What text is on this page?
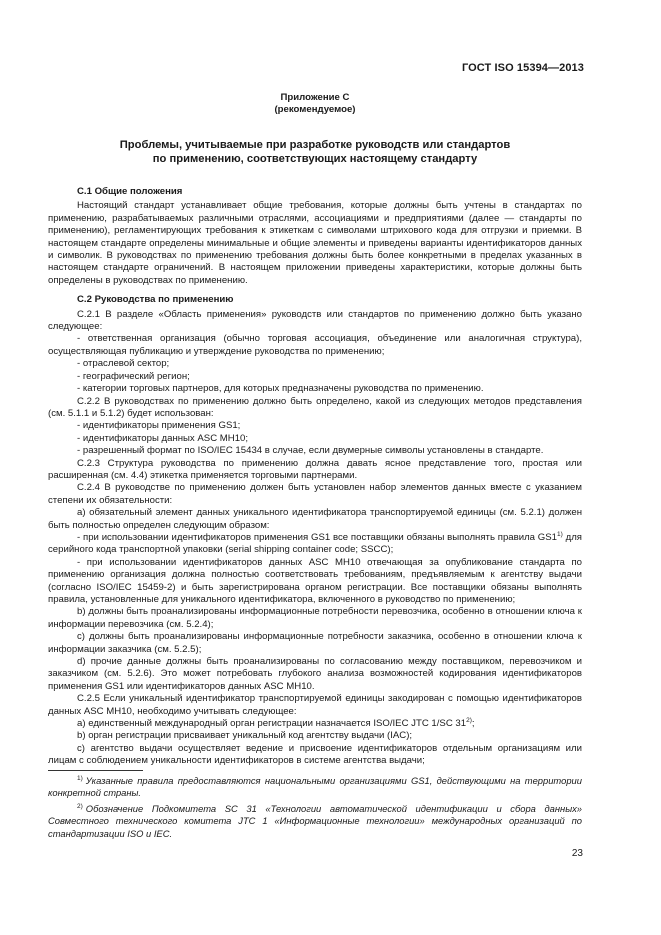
ГОСТ ISO 15394—2013
Приложение С
(рекомендуемое)
Проблемы, учитываемые при разработке руководств или стандартов
по применению, соответствующих настоящему стандарту
С.1 Общие положения

Настоящий стандарт устанавливает общие требования, которые должны быть учтены в стандартах по применению, разрабатываемых различными отраслями, ассоциациями и предприятиями (далее — стандарты по применению), регламентирующих требования к этикеткам с символами штрихового кода для отгрузки и приемки. В настоящем стандарте определены минимальные и общие элементы и приведены варианты идентификаторов данных и символик. В руководствах по применению требования должны быть более конкретными в пределах указанных в настоящем стандарте ограничений. В настоящем приложении приведены характеристики, которые должны быть определены в руководствах по применению.

С.2 Руководства по применению

С.2.1 В разделе «Область применения» руководств или стандартов по применению должно быть указано следующее:

- ответственная организация (обычно торговая ассоциация, объединение или аналогичная структура), осуществляющая публикацию и утверждение руководства по применению;

- отраслевой сектор;

- географический регион;

- категории торговых партнеров, для которых предназначены руководства по применению.

С.2.2 В руководствах по применению должно быть определено, какой из следующих методов представления (см. 5.1.1 и 5.1.2) будет использован:

- идентификаторы применения GS1;

- идентификаторы данных ASC МН10;

- разрешенный формат по ISO/IEC 15434 в случае, если двумерные символы установлены в стандарте.

С.2.3 Структура руководства по применению должна давать ясное представление того, простая или расширенная (см. 4.4) этикетка применяется торговыми партнерами.

С.2.4 В руководстве по применению должен быть установлен набор элементов данных вместе с указанием степени их обязательности:

а) обязательный элемент данных уникального идентификатора транспортируемой единицы (см. 5.2.1) должен быть полностью определен следующим образом:

- при использовании идентификаторов применения GS1 все поставщики обязаны выполнять правила GS1$^{1)}$ для серийного кода транспортной упаковки (serial shipping container code; SSCC);

- при использовании идентификаторов данных ASC МН10 отвечающая за опубликование стандарта по применению организация должна полностью соответствовать требованиям, предъявляемым к агентству выдачи (согласно ISO/IEC 15459-2) и быть зарегистрирована органом регистрации. Все поставщики обязаны выполнять правила, установленные для уникального идентификатора, включенного в руководство по применению;

b) должны быть проанализированы информационные потребности перевозчика, особенно в отношении ключа к информации перевозчика (см. 5.2.4);

c) должны быть проанализированы информационные потребности заказчика, особенно в отношении ключа к информации заказчика (см. 5.2.5);

d) прочие данные должны быть проанализированы по согласованию между поставщиком, перевозчиком и заказчиком (см. 5.2.6). Это может потребовать глубокого анализа возможностей кодирования идентификаторов применения GS1 или идентификаторов данных ASC МН10.

С.2.5 Если уникальный идентификатор транспортируемой единицы закодирован с помощью идентификаторов данных ASC МН10, необходимо учитывать следующее:

а) единственный международный орган регистрации назначается ISO/IEC JTC 1/SC 31$^{2)}$;

b) орган регистрации присваивает уникальный код агентству выдачи (IAC);

c) агентство выдачи осуществляет ведение и присвоение идентификаторов отдельным организациям или лицам с соблюдением уникальности идентификаторов в системе агентства выдачи;

$^{1)}$ Указанные правила предоставляются национальными организациями GS1, действующими на территории конкретной страны.
$^{2)}$ Обозначение Подкомитета SC 31 «Технологии автоматической идентификации и сбора данных» Совместного технического комитета JTC 1 «Информационные технологии» международных организаций по стандартизации ISO и IEC.
23
